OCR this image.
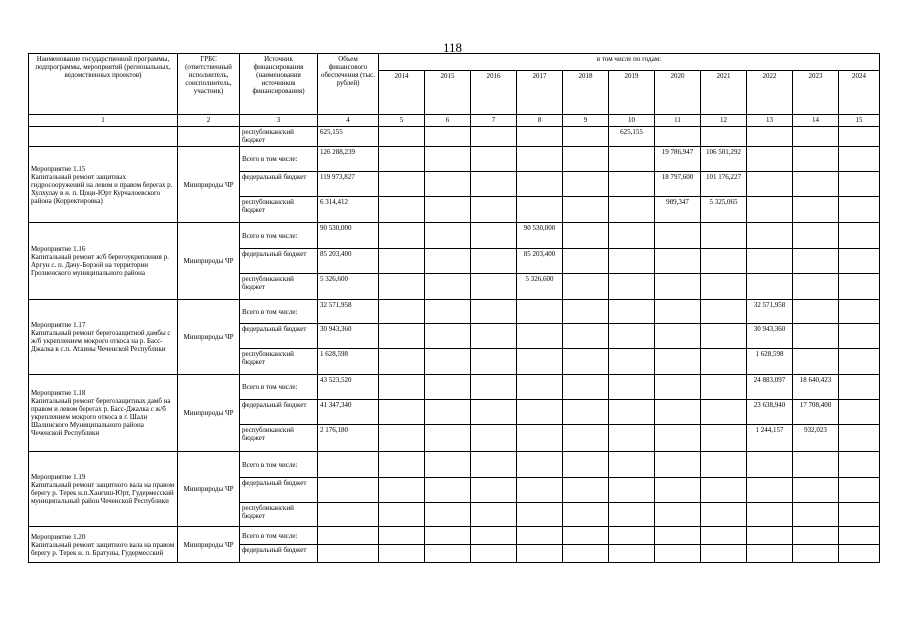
118
Наименование государственной программы, подпрограммы, мероприятий (региональных, ведомственных проектов)	ГРБС (ответственный исполнитель, соисполнитель, участник)	Источник финансирования (наименования источников финансирования)	Объем финансового обеспечения (тыс. рублей)	в том числе по годам:										
				2014	2015	2016	2017	2018	2019	2020	2021	2022	2023	2024
1	2	3	4	5	6	7	8	9	10	11	12	13	14	15
		республиканский бюджет	625,155						625,155					
Мероприятие 1.15
Капитальный ремонт защитных гидросооружений на левом и правом берегах р. Хулхулау в н. п. Цоци-Юрт Курчалоевского района (Корректировка)	Минприроды ЧР	Всего в том числе:	126 288,239							19 786,947	106 501,292			
		федеральный бюджет	119 973,827							18 797,600	101 176,227			
		республиканский бюджет	6 314,412							989,347	5 325,065			
Мероприятие 1.16
Капитальный ремонт ж/б берегоукрепления р. Аргун с. п. Дачу-Борзой на территории Грозненского муниципального района	Минприроды ЧР	Всего в том числе:	90 530,000				90 530,000							
		федеральный бюджет	85 203,400				85 203,400							
		республиканский бюджет	5 326,600				5 326,600							
Мероприятие 1.17
Капитальный ремонт берегозащитной дамбы с ж/б укреплением мокрого откоса на р. Басс-Джалка в с.п. Атаины Чеченской Республики	Минприроды ЧР	Всего в том числе:	32 571,958									32 571,958		
		федеральный бюджет	30 943,360									30 943,360		
		республиканский бюджет	1 628,598									1 628,598		
Мероприятие 1.18
Капитальный ремонт берегозащитных дамб на правом и левом берегах р. Басс-Джалка с ж/б укреплением мокрого откоса в г. Шали Шалинского Муниципального района Чеченской Республики	Минприроды ЧР	Всего в том числе:	43 523,520									24 883,097	18 640,423	
		федеральный бюджет	41 347,340									23 638,940	17 708,400	
		республиканский бюджет	2 176,180									1 244,157	932,023	
Мероприятие 1.19
Капитальный ремонт защитного вала на правом берегу р. Терек н.п.Хангиш-Юрт, Гудермесский муниципальный район Чеченской Республики	Минприроды ЧР	Всего в том числе:												
		федеральный бюджет												
		республиканский бюджет												
Мероприятие 1.20
Капитальный ремонт защитного вала на правом берегу р. Терек н. п. Братуны, Гудермесский	Минприроды ЧР	Всего в том числе:												
		федеральный бюджет												
